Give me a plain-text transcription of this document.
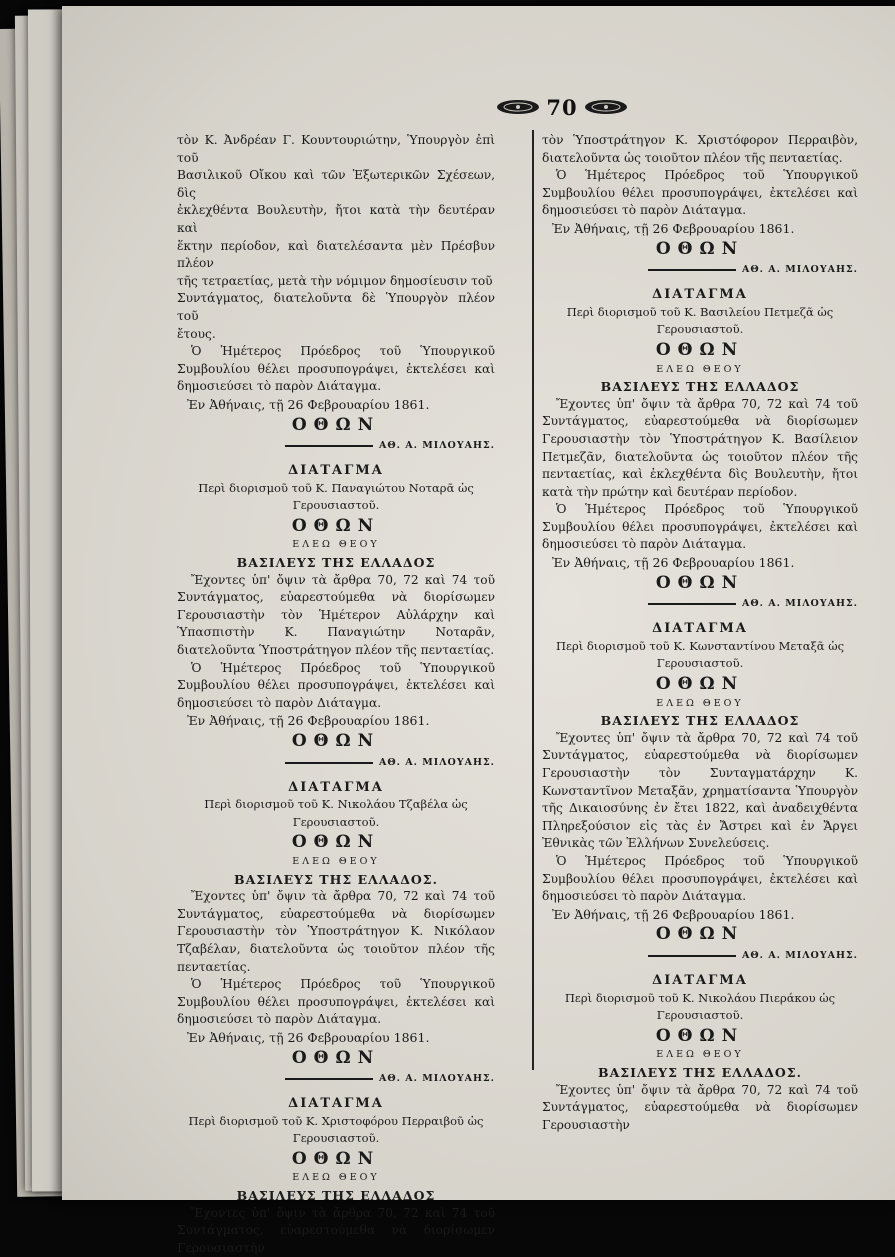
70

τὸν Κ. Ἀνδρέαν Γ. Κουντουριώτην, Ὑπουργὸν ἐπὶ τοῦ

Βασιλικοῦ Οἴκου καὶ τῶν Ἐξωτερικῶν Σχέσεων, δὶς

ἐκλεχθέντα Βουλευτὴν, ἤτοι κατὰ τὴν δευτέραν καὶ

ἕκτην περίοδον, καὶ διατελέσαντα μὲν Πρέσβυν πλέον

τῆς τετραετίας, μετὰ τὴν νόμιμον δημοσίευσιν τοῦ

Συντάγματος, διατελοῦντα δὲ Ὑπουργὸν πλέον τοῦ

ἔτους.

Ὁ Ἡμέτερος Πρόεδρος τοῦ Ὑπουργικοῦ Συμβουλίου θέλει προσυπογράψει, ἐκτελέσει καὶ δημοσιεύσει τὸ παρὸν Διάταγμα.

Ἐν Ἀθήναις, τῇ 26 Φεβρουαρίου 1861.

ΟΘΩΝ

ΑΘ. Α. ΜΙΛΟΥΑΗΣ.

ΔΙΑΤΑΓΜΑ

Περὶ διορισμοῦ τοῦ Κ. Παναγιώτου Νοταρᾶ ὡς Γερουσιαστοῦ.

ΟΘΩΝ

ΕΛΕΩ ΘΕΟΥ

ΒΑΣΙΛΕΥΣ ΤΗΣ ΕΛΛΑΔΟΣ

Ἔχοντες ὑπ' ὄψιν τὰ ἄρθρα 70, 72 καὶ 74 τοῦ Συντάγματος, εὐαρεστούμεθα νὰ διορίσωμεν Γερουσιαστὴν τὸν Ἡμέτερον Αὐλάρχην καὶ Ὑπασπιστὴν Κ. Παναγιώτην Νοταρᾶν, διατελοῦντα Ὑποστράτηγον πλέον τῆς πενταετίας.

Ὁ Ἡμέτερος Πρόεδρος τοῦ Ὑπουργικοῦ Συμβουλίου θέλει προσυπογράψει, ἐκτελέσει καὶ δημοσιεύσει τὸ παρὸν Διάταγμα.

Ἐν Ἀθήναις, τῇ 26 Φεβρουαρίου 1861.

ΟΘΩΝ

ΑΘ. Α. ΜΙΛΟΥΑΗΣ.

ΔΙΑΤΑΓΜΑ

Περὶ διορισμοῦ τοῦ Κ. Νικολάου Τζαβέλα ὡς Γερουσιαστοῦ.

ΟΘΩΝ

ΕΛΕΩ ΘΕΟΥ

ΒΑΣΙΛΕΥΣ ΤΗΣ ΕΛΛΑΔΟΣ.

Ἔχοντες ὑπ' ὄψιν τὰ ἄρθρα 70, 72 καὶ 74 τοῦ Συντάγματος, εὐαρεστούμεθα νὰ διορίσωμεν Γερουσιαστὴν τὸν Ὑποστράτηγον Κ. Νικόλαον Τζαβέλαν, διατελοῦντα ὡς τοιοῦτον πλέον τῆς πενταετίας.

Ὁ Ἡμέτερος Πρόεδρος τοῦ Ὑπουργικοῦ Συμβουλίου θέλει προσυπογράψει, ἐκτελέσει καὶ δημοσιεύσει τὸ παρὸν Διάταγμα.

Ἐν Ἀθήναις, τῇ 26 Φεβρουαρίου 1861.

ΟΘΩΝ

ΑΘ. Α. ΜΙΛΟΥΑΗΣ.

ΔΙΑΤΑΓΜΑ

Περὶ διορισμοῦ τοῦ Κ. Χριστοφόρου Περραιβοῦ ὡς Γερουσιαστοῦ.

ΟΘΩΝ

ΕΛΕΩ ΘΕΟΥ

ΒΑΣΙΛΕΥΣ ΤΗΣ ΕΛΛΑΔΟΣ

Ἔχοντες ὑπ' ὄψιν τὰ ἄρθρα 70, 72 καὶ 74 τοῦ Συντάγματος, εὐαρεστούμεθα νὰ διορίσωμεν Γερουσιαστὴν

τὸν Ὑποστράτηγον Κ. Χριστόφορον Περραιβὸν, διατελοῦντα ὡς τοιοῦτον πλέον τῆς πενταετίας.

Ὁ Ἡμέτερος Πρόεδρος τοῦ Ὑπουργικοῦ Συμβουλίου θέλει προσυπογράψει, ἐκτελέσει καὶ δημοσιεύσει τὸ παρὸν Διάταγμα.

Ἐν Ἀθήναις, τῇ 26 Φεβρουαρίου 1861.

ΟΘΩΝ

ΑΘ. Α. ΜΙΛΟΥΑΗΣ.

ΔΙΑΤΑΓΜΑ

Περὶ διορισμοῦ τοῦ Κ. Βασιλείου Πετμεζᾶ ὡς Γερουσιαστοῦ.

ΟΘΩΝ

ΕΛΕΩ ΘΕΟΥ

ΒΑΣΙΛΕΥΣ ΤΗΣ ΕΛΛΑΔΟΣ

Ἔχοντες ὑπ' ὄψιν τὰ ἄρθρα 70, 72 καὶ 74 τοῦ Συντάγματος, εὐαρεστούμεθα νὰ διορίσωμεν Γερουσιαστὴν τὸν Ὑποστράτηγον Κ. Βασίλειον Πετμεζᾶν, διατελοῦντα ὡς τοιοῦτον πλέον τῆς πενταετίας, καὶ ἐκλεχθέντα δὶς Βουλευτὴν, ἤτοι κατὰ τὴν πρώτην καὶ δευτέραν περίοδον.

Ὁ Ἡμέτερος Πρόεδρος τοῦ Ὑπουργικοῦ Συμβουλίου θέλει προσυπογράψει, ἐκτελέσει καὶ δημοσιεύσει τὸ παρὸν Διάταγμα.

Ἐν Ἀθήναις, τῇ 26 Φεβρουαρίου 1861.

ΟΘΩΝ

ΑΘ. Α. ΜΙΛΟΥΑΗΣ.

ΔΙΑΤΑΓΜΑ

Περὶ διορισμοῦ τοῦ Κ. Κωνσταντίνου Μεταξᾶ ὡς Γερουσιαστοῦ.

ΟΘΩΝ

ΕΛΕΩ ΘΕΟΥ

ΒΑΣΙΛΕΥΣ ΤΗΣ ΕΛΛΑΔΟΣ

Ἔχοντες ὑπ' ὄψιν τὰ ἄρθρα 70, 72 καὶ 74 τοῦ Συντάγματος, εὐαρεστούμεθα νὰ διορίσωμεν Γερουσιαστὴν τὸν Συνταγματάρχην Κ. Κωνσταντῖνον Μεταξᾶν, χρηματίσαντα Ὑπουργὸν τῆς Δικαιοσύνης ἐν ἔτει 1822, καὶ ἀναδειχθέντα Πληρεξούσιον εἰς τὰς ἐν Ἄστρει καὶ ἐν Ἄργει Ἐθνικὰς τῶν Ἑλλήνων Συνελεύσεις.

Ὁ Ἡμέτερος Πρόεδρος τοῦ Ὑπουργικοῦ Συμβουλίου θέλει προσυπογράψει, ἐκτελέσει καὶ δημοσιεύσει τὸ παρὸν Διάταγμα.

Ἐν Ἀθήναις, τῇ 26 Φεβρουαρίου 1861.

ΟΘΩΝ

ΑΘ. Α. ΜΙΛΟΥΑΗΣ.

ΔΙΑΤΑΓΜΑ

Περὶ διορισμοῦ τοῦ Κ. Νικολάου Πιεράκου ὡς Γερουσιαστοῦ.

ΟΘΩΝ

ΕΛΕΩ ΘΕΟΥ

ΒΑΣΙΛΕΥΣ ΤΗΣ ΕΛΛΑΔΟΣ.

Ἔχοντες ὑπ' ὄψιν τὰ ἄρθρα 70, 72 καὶ 74 τοῦ Συντάγματος, εὐαρεστούμεθα νὰ διορίσωμεν Γερουσιαστὴν
